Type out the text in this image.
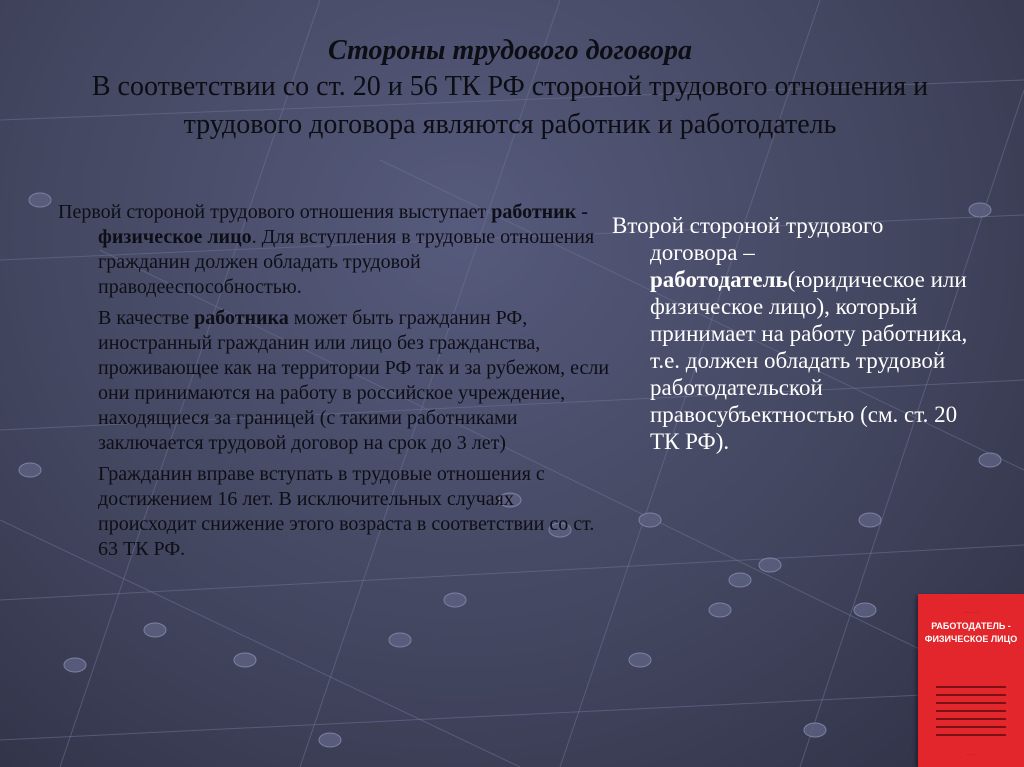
Стороны трудового договора
В соответствии со ст. 20 и 56 ТК РФ стороной трудового отношения и трудового договора являются работник и работодатель

Первой стороной трудового отношения выступает работник - физическое лицо. Для вступления в трудовые отношения гражданин должен обладать трудовой праводееспособностью.

В качестве работника может быть гражданин РФ, иностранный гражданин или лицо без гражданства, проживающее как на территории РФ так и за рубежом, если они принимаются на работу в российское учреждение, находящиеся за границей (с такими работниками заключается трудовой договор на срок до 3 лет)

Гражданин вправе вступать в трудовые отношения с достижением 16 лет. В исключительных случаях происходит снижение этого возраста в соответствии со ст. 63 ТК РФ.

Второй стороной трудового
договора – работодатель(юридическое или физическое лицо), который принимает на работу работника, т.е. должен обладать трудовой работодательской правосубъектностью (см. ст. 20 ТК РФ).
· · · · ·
РАБОТОДАТЕЛЬ - ФИЗИЧЕСКОЕ ЛИЦО
· · ·
